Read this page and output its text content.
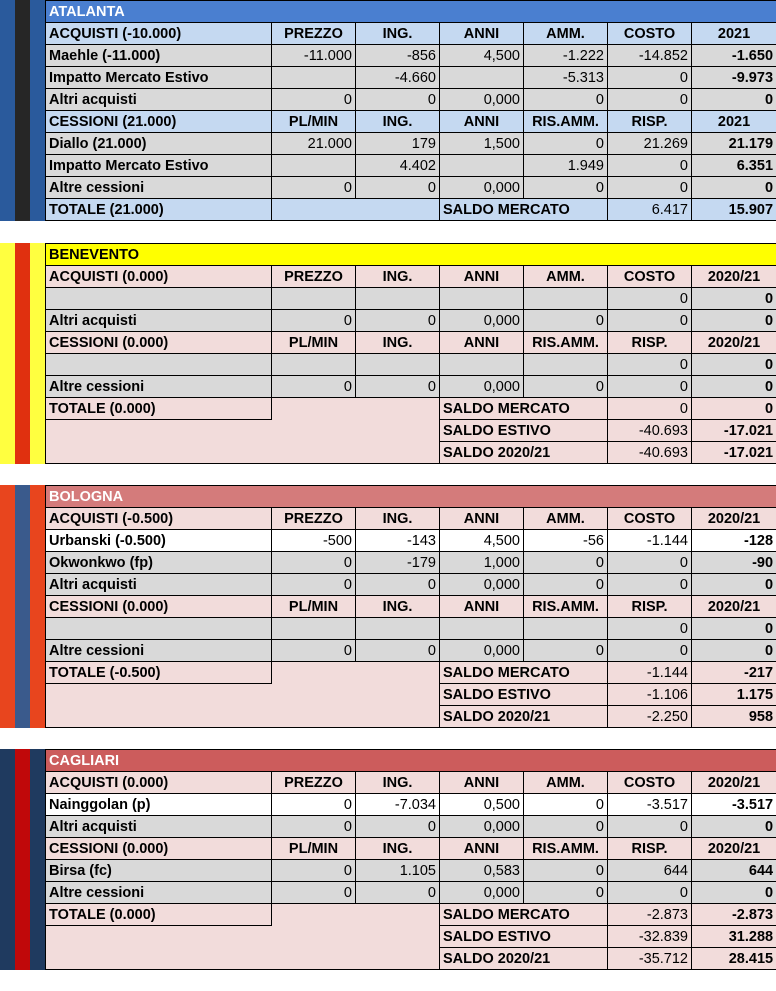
ATALANTA						
ACQUISTI (-10.000)	PREZZO	ING.	ANNI	AMM.	COSTO	2021
Maehle (-11.000)	-11.000	-856	4,500	-1.222	-14.852	-1.650
Impatto Mercato Estivo		-4.660		-5.313	0	-9.973
Altri acquisti	0	0	0,000	0	0	0
CESSIONI (21.000)	PL/MIN	ING.	ANNI	RIS.AMM.	RISP.	2021
Diallo (21.000)	21.000	179	1,500	0	21.269	21.179
Impatto Mercato Estivo		4.402		1.949	0	6.351
Altre cessioni	0	0	0,000	0	0	0
TOTALE (21.000)			SALDO MERCATO		6.417	15.907
BENEVENTO						
ACQUISTI (0.000)	PREZZO	ING.	ANNI	AMM.	COSTO	2020/21
					0	0
Altri acquisti	0	0	0,000	0	0	0
CESSIONI (0.000)	PL/MIN	ING.	ANNI	RIS.AMM.	RISP.	2020/21
					0	0
Altre cessioni	0	0	0,000	0	0	0
TOTALE (0.000)			SALDO MERCATO		0	0
			SALDO ESTIVO		-40.693	-17.021
			SALDO 2020/21		-40.693	-17.021
BOLOGNA						
ACQUISTI (-0.500)	PREZZO	ING.	ANNI	AMM.	COSTO	2020/21
Urbanski (-0.500)	-500	-143	4,500	-56	-1.144	-128
Okwonkwo (fp)	0	-179	1,000	0	0	-90
Altri acquisti	0	0	0,000	0	0	0
CESSIONI (0.000)	PL/MIN	ING.	ANNI	RIS.AMM.	RISP.	2020/21
					0	0
Altre cessioni	0	0	0,000	0	0	0
TOTALE (-0.500)			SALDO MERCATO		-1.144	-217
			SALDO ESTIVO		-1.106	1.175
			SALDO 2020/21		-2.250	958
CAGLIARI						
ACQUISTI (0.000)	PREZZO	ING.	ANNI	AMM.	COSTO	2020/21
Nainggolan (p)	0	-7.034	0,500	0	-3.517	-3.517
Altri acquisti	0	0	0,000	0	0	0
CESSIONI (0.000)	PL/MIN	ING.	ANNI	RIS.AMM.	RISP.	2020/21
Birsa (fc)	0	1.105	0,583	0	644	644
Altre cessioni	0	0	0,000	0	0	0
TOTALE (0.000)			SALDO MERCATO		-2.873	-2.873
			SALDO ESTIVO		-32.839	31.288
			SALDO 2020/21		-35.712	28.415
